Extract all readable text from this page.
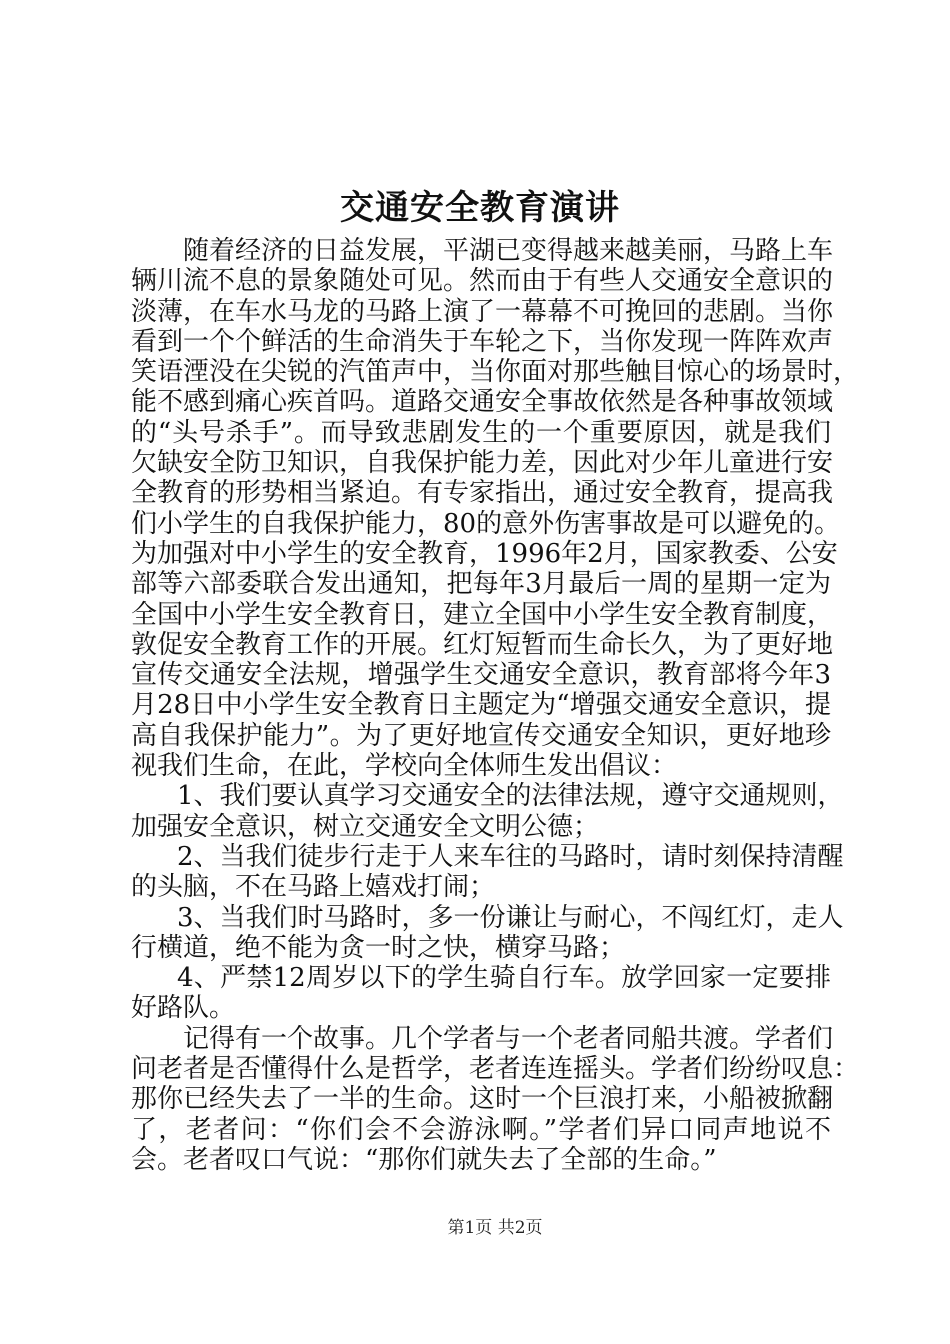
交通安全教育演讲
随着经济的日益发展，平湖已变得越来越美丽，马路上车
辆川流不息的景象随处可见。然而由于有些人交通安全意识的
淡薄，在车水马龙的马路上演了一幕幕不可挽回的悲剧。当你
看到一个个鲜活的生命消失于车轮之下，当你发现一阵阵欢声
笑语湮没在尖锐的汽笛声中，当你面对那些触目惊心的场景时，
能不感到痛心疾首吗。道路交通安全事故依然是各种事故领域
的“头号杀手”。而导致悲剧发生的一个重要原因，就是我们
欠缺安全防卫知识，自我保护能力差，因此对少年儿童进行安
全教育的形势相当紧迫。有专家指出，通过安全教育，提高我
们小学生的自我保护能力，80的意外伤害事故是可以避免的。
为加强对中小学生的安全教育，1996年2月，国家教委、公安
部等六部委联合发出通知，把每年3月最后一周的星期一定为
全国中小学生安全教育日，建立全国中小学生安全教育制度，
敦促安全教育工作的开展。红灯短暂而生命长久，为了更好地
宣传交通安全法规，增强学生交通安全意识，教育部将今年3
月28日中小学生安全教育日主题定为“增强交通安全意识，提
高自我保护能力”。为了更好地宣传交通安全知识，更好地珍
视我们生命，在此，学校向全体师生发出倡议：
1、我们要认真学习交通安全的法律法规，遵守交通规则，
加强安全意识，树立交通安全文明公德；
2、当我们徒步行走于人来车往的马路时，请时刻保持清醒
的头脑，不在马路上嬉戏打闹；
3、当我们时马路时，多一份谦让与耐心，不闯红灯，走人
行横道，绝不能为贪一时之快，横穿马路；
4、严禁12周岁以下的学生骑自行车。放学回家一定要排
好路队。
记得有一个故事。几个学者与一个老者同船共渡。学者们
问老者是否懂得什么是哲学，老者连连摇头。学者们纷纷叹息：
那你已经失去了一半的生命。这时一个巨浪打来，小船被掀翻
了，老者问：“你们会不会游泳啊。”学者们异口同声地说不
会。老者叹口气说：“那你们就失去了全部的生命。”
第1页 共2页
